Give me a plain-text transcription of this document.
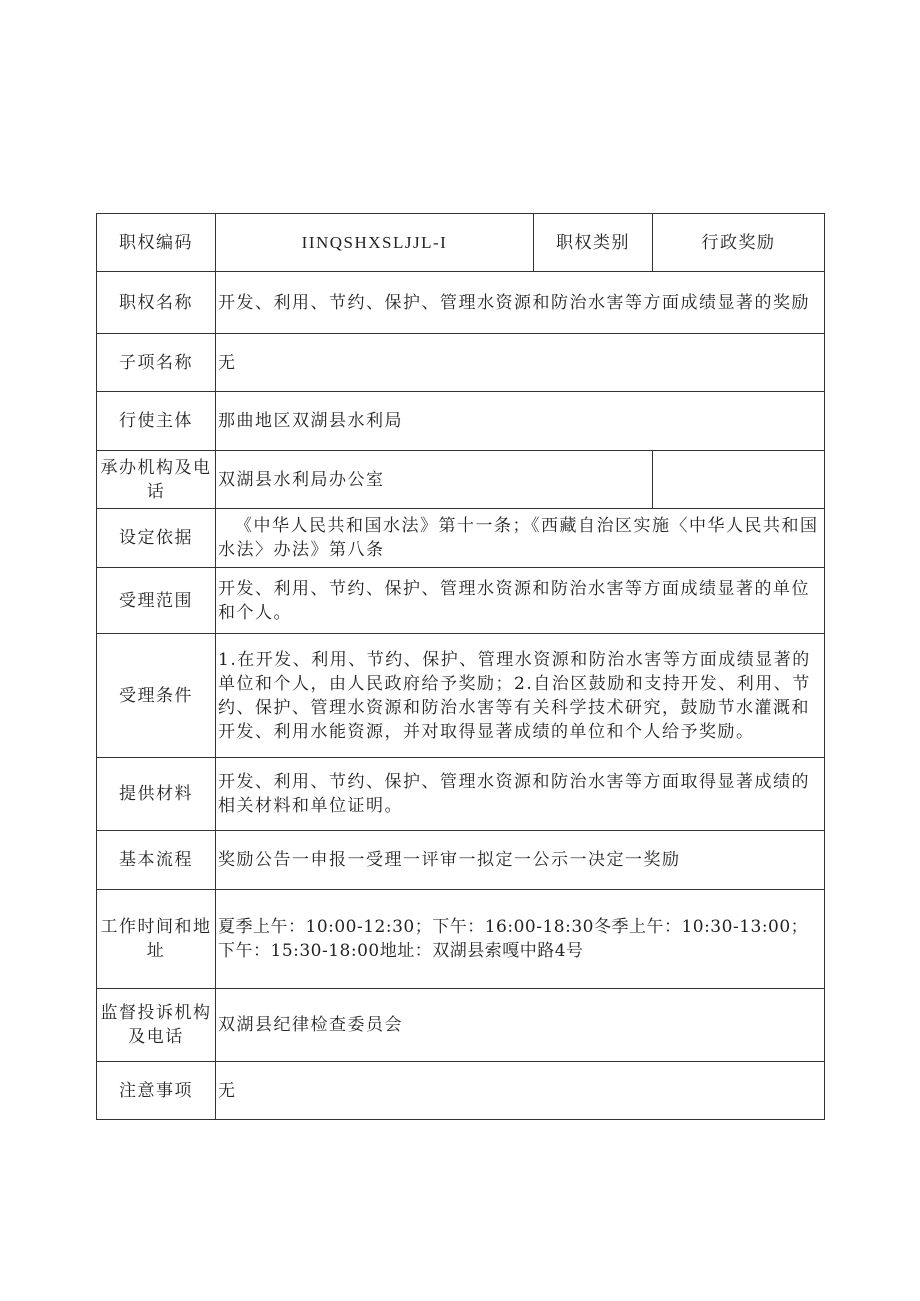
职权编码	IINQSHXSLJJL-I	职权类别	行政奖励
职权名称	开发、利用、节约、保护、管理水资源和防治水害等方面成绩显著的奖励		
子项名称	无		
行使主体	那曲地区双湖县水利局		
承办机构及电话	双湖县水利局办公室		
设定依据	《中华人民共和国水法》第十一条；《西藏自治区实施〈中华人民共和国水法〉办法》第八条		
受理范围	开发、利用、节约、保护、管理水资源和防治水害等方面成绩显著的单位和个人。		
受理条件	1.在开发、利用、节约、保护、管理水资源和防治水害等方面成绩显著的单位和个人，由人民政府给予奖励；2.自治区鼓励和支持开发、利用、节约、保护、管理水资源和防治水害等有关科学技术研究，鼓励节水灌溉和开发、利用水能资源，并对取得显著成绩的单位和个人给予奖励。		
提供材料	开发、利用、节约、保护、管理水资源和防治水害等方面取得显著成绩的相关材料和单位证明。		
基本流程	奖励公告一申报一受理一评审一拟定一公示一决定一奖励		
工作时间和地址	夏季上午：10:00-12:30；下午：16:00-18:30冬季上午：10:30-13:00；下午：15:30-18:00地址：双湖县索嘎中路4号		
监督投诉机构及电话	双湖县纪律检查委员会		
注意事项	无		
